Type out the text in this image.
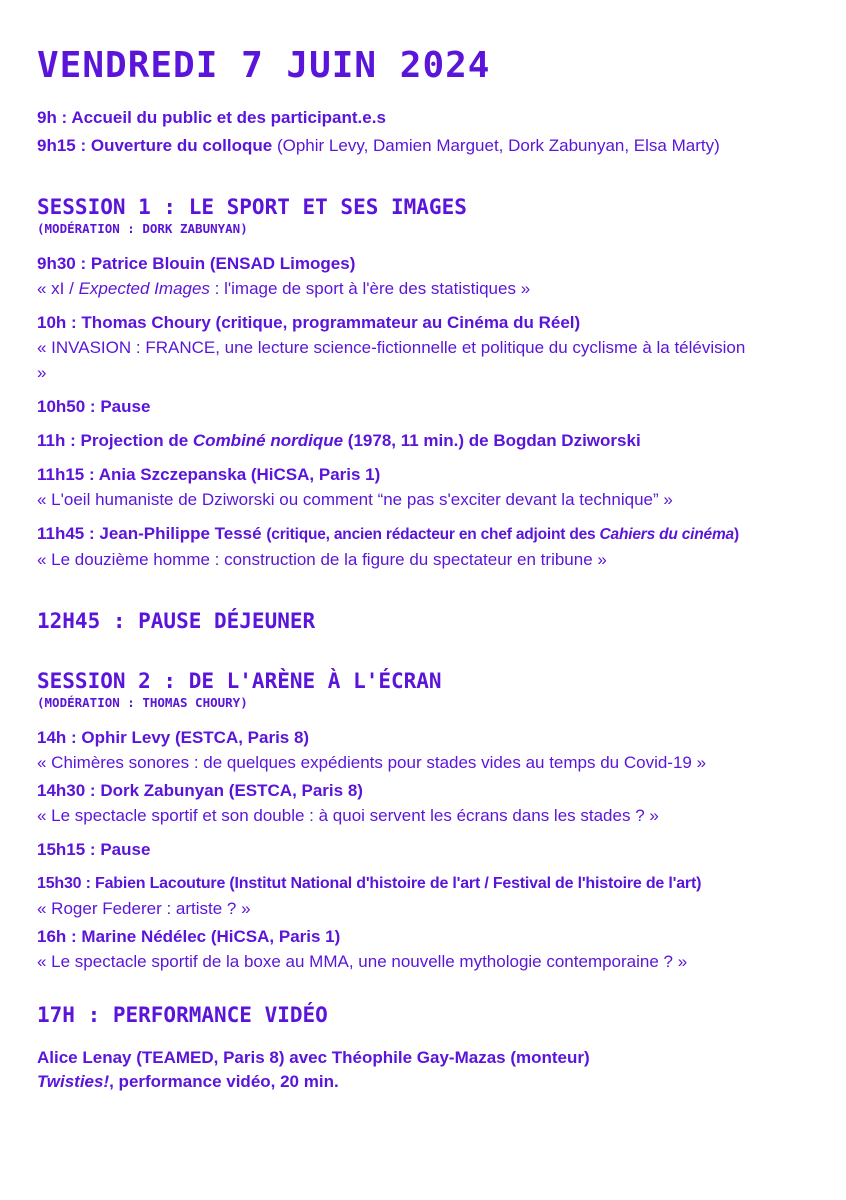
VENDREDI 7 JUIN 2024
9h : Accueil du public et des participant.e.s
9h15 : Ouverture du colloque (Ophir Levy, Damien Marguet, Dork Zabunyan, Elsa Marty)
SESSION 1 : LE SPORT ET SES IMAGES
(MODÉRATION : DORK ZABUNYAN)
9h30 : Patrice Blouin (ENSAD Limoges)
« xI / Expected Images : l'image de sport à l'ère des statistiques »
10h : Thomas Choury (critique, programmateur au Cinéma du Réel)
« INVASION : FRANCE, une lecture science-fictionnelle et politique du cyclisme à la télévision »
10h50 : Pause
11h : Projection de Combiné nordique (1978, 11 min.) de Bogdan Dziworski
11h15 : Ania Szczepanska (HiCSA, Paris 1)
« L'oeil humaniste de Dziworski ou comment “ne pas s'exciter devant la technique” »
11h45 : Jean-Philippe Tessé (critique, ancien rédacteur en chef adjoint des Cahiers du cinéma)
« Le douzième homme : construction de la figure du spectateur en tribune »
12H45 : PAUSE DÉJEUNER
SESSION 2 : DE L'ARÈNE À L'ÉCRAN
(MODÉRATION : THOMAS CHOURY)
14h : Ophir Levy (ESTCA, Paris 8)
« Chimères sonores : de quelques expédients pour stades vides au temps du Covid-19 »
14h30 : Dork Zabunyan (ESTCA, Paris 8)
« Le spectacle sportif et son double : à quoi servent les écrans dans les stades ? »
15h15 : Pause
15h30 : Fabien Lacouture (Institut National d'histoire de l'art / Festival de l'histoire de l'art)
« Roger Federer : artiste ? »
16h : Marine Nédélec (HiCSA, Paris 1)
« Le spectacle sportif de la boxe au MMA, une nouvelle mythologie contemporaine ? »
17H : PERFORMANCE VIDÉO
Alice Lenay (TEAMED, Paris 8) avec Théophile Gay-Mazas (monteur)
Twisties!, performance vidéo, 20 min.
